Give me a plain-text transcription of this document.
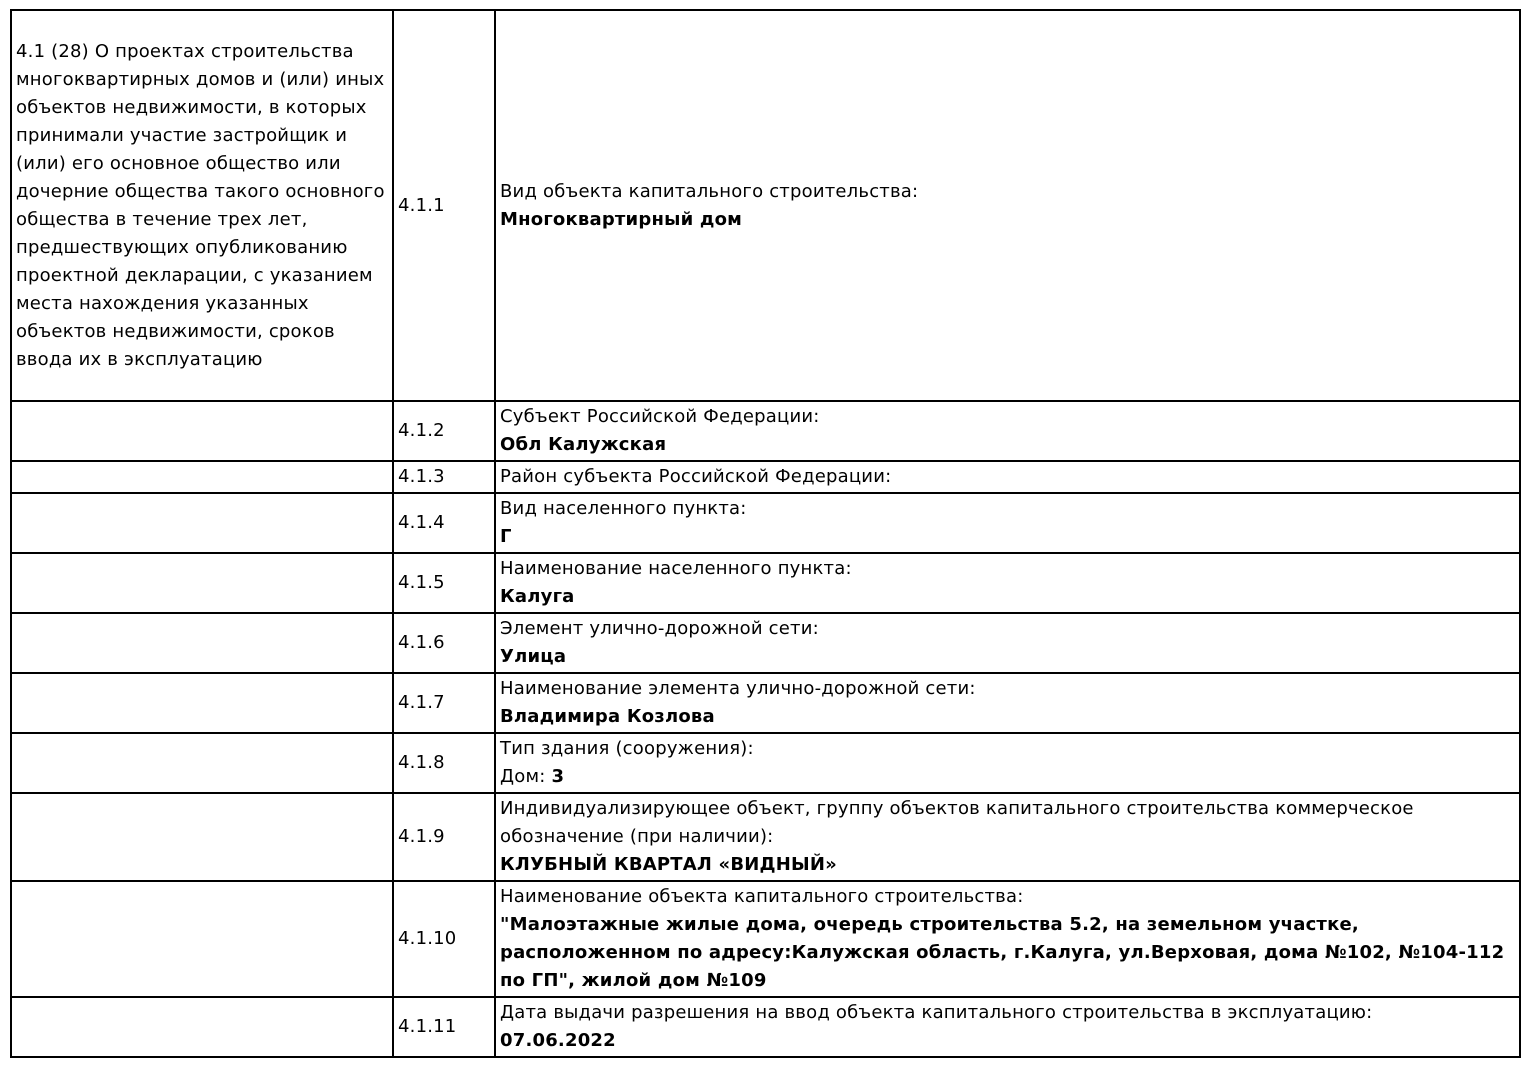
4.1 (28) О проектах строительства многоквартирных домов и (или) иных объектов недвижимости, в которых принимали участие застройщик и (или) его основное общество или дочерние общества такого основного общества в течение трех лет, предшествующих опубликованию проектной декларации, с указанием места нахождения указанных объектов недвижимости, сроков ввода их в эксплуатацию	4.1.1	Вид объекта капитального строительства:
Многоквартирный дом

	4.1.2	Субъект Российской Федерации:
Обл Калужская

	4.1.3	Район субъекта Российской Федерации:

	4.1.4	Вид населенного пункта:
Г

	4.1.5	Наименование населенного пункта:
Калуга

	4.1.6	Элемент улично-дорожной сети:
Улица

	4.1.7	Наименование элемента улично-дорожной сети:
Владимира Козлова

	4.1.8	Тип здания (сооружения):
Дом: 3

	4.1.9	Индивидуализирующее объект, группу объектов капитального строительства коммерческое обозначение (при наличии):
КЛУБНЫЙ КВАРТАЛ «ВИДНЫЙ»

	4.1.10	Наименование объекта капитального строительства:
"Малоэтажные жилые дома, очередь строительства 5.2, на земельном участке, расположенном по адресу:Калужская область, г.Калуга, ул.Верховая, дома №102, №104-112 по ГП", жилой дом №109

	4.1.11	Дата выдачи разрешения на ввод объекта капитального строительства в эксплуатацию:
07.06.2022
